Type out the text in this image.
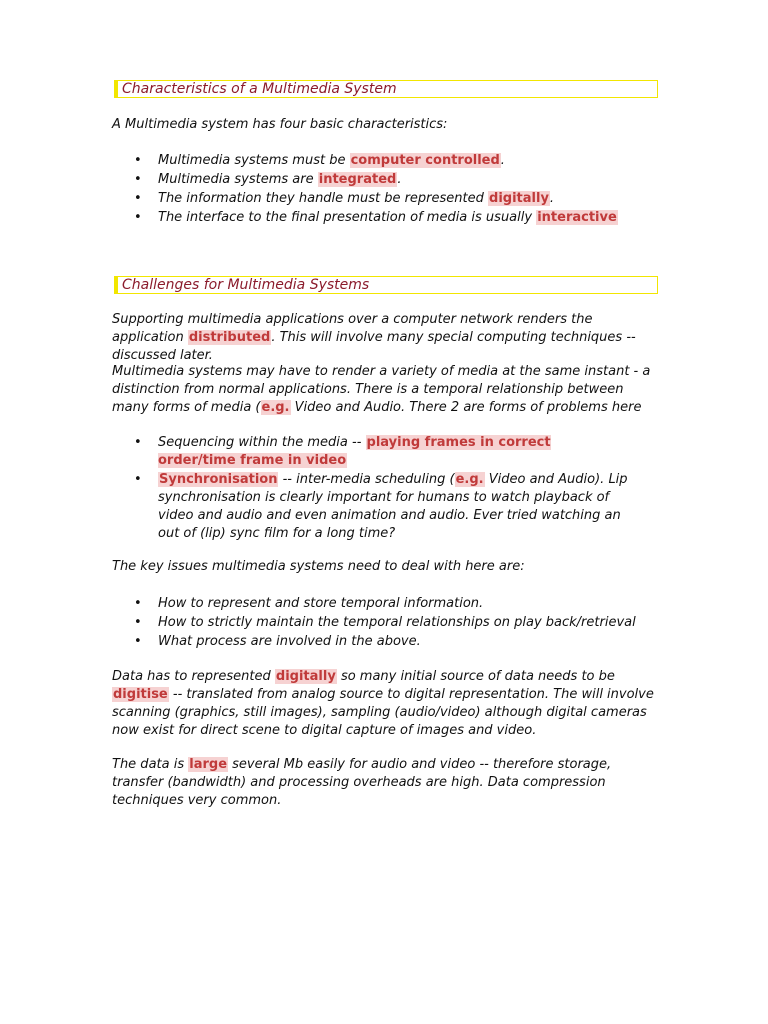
Characteristics of a Multimedia System

A Multimedia system has four basic characteristics:

• Multimedia systems must be computer controlled.
• Multimedia systems are integrated.
• The information they handle must be represented digitally.
• The interface to the final presentation of media is usually interactive
Challenges for Multimedia Systems

Supporting multimedia applications over a computer network renders the application distributed. This will involve many special computing techniques -- discussed later.

Multimedia systems may have to render a variety of media at the same instant - a distinction from normal applications. There is a temporal relationship between many forms of media (e.g. Video and Audio. There 2 are forms of problems here

• Sequencing within the media -- playing frames in correct order/time frame in video
• Synchronisation -- inter-media scheduling (e.g. Video and Audio). Lip synchronisation is clearly important for humans to watch playback of video and audio and even animation and audio. Ever tried watching an out of (lip) sync film for a long time?

The key issues multimedia systems need to deal with here are:

• How to represent and store temporal information.
• How to strictly maintain the temporal relationships on play back/retrieval
• What process are involved in the above.

Data has to represented digitally so many initial source of data needs to be digitise -- translated from analog source to digital representation. The will involve scanning (graphics, still images), sampling (audio/video) although digital cameras now exist for direct scene to digital capture of images and video.

The data is large several Mb easily for audio and video -- therefore storage, transfer (bandwidth) and processing overheads are high. Data compression techniques very common.
